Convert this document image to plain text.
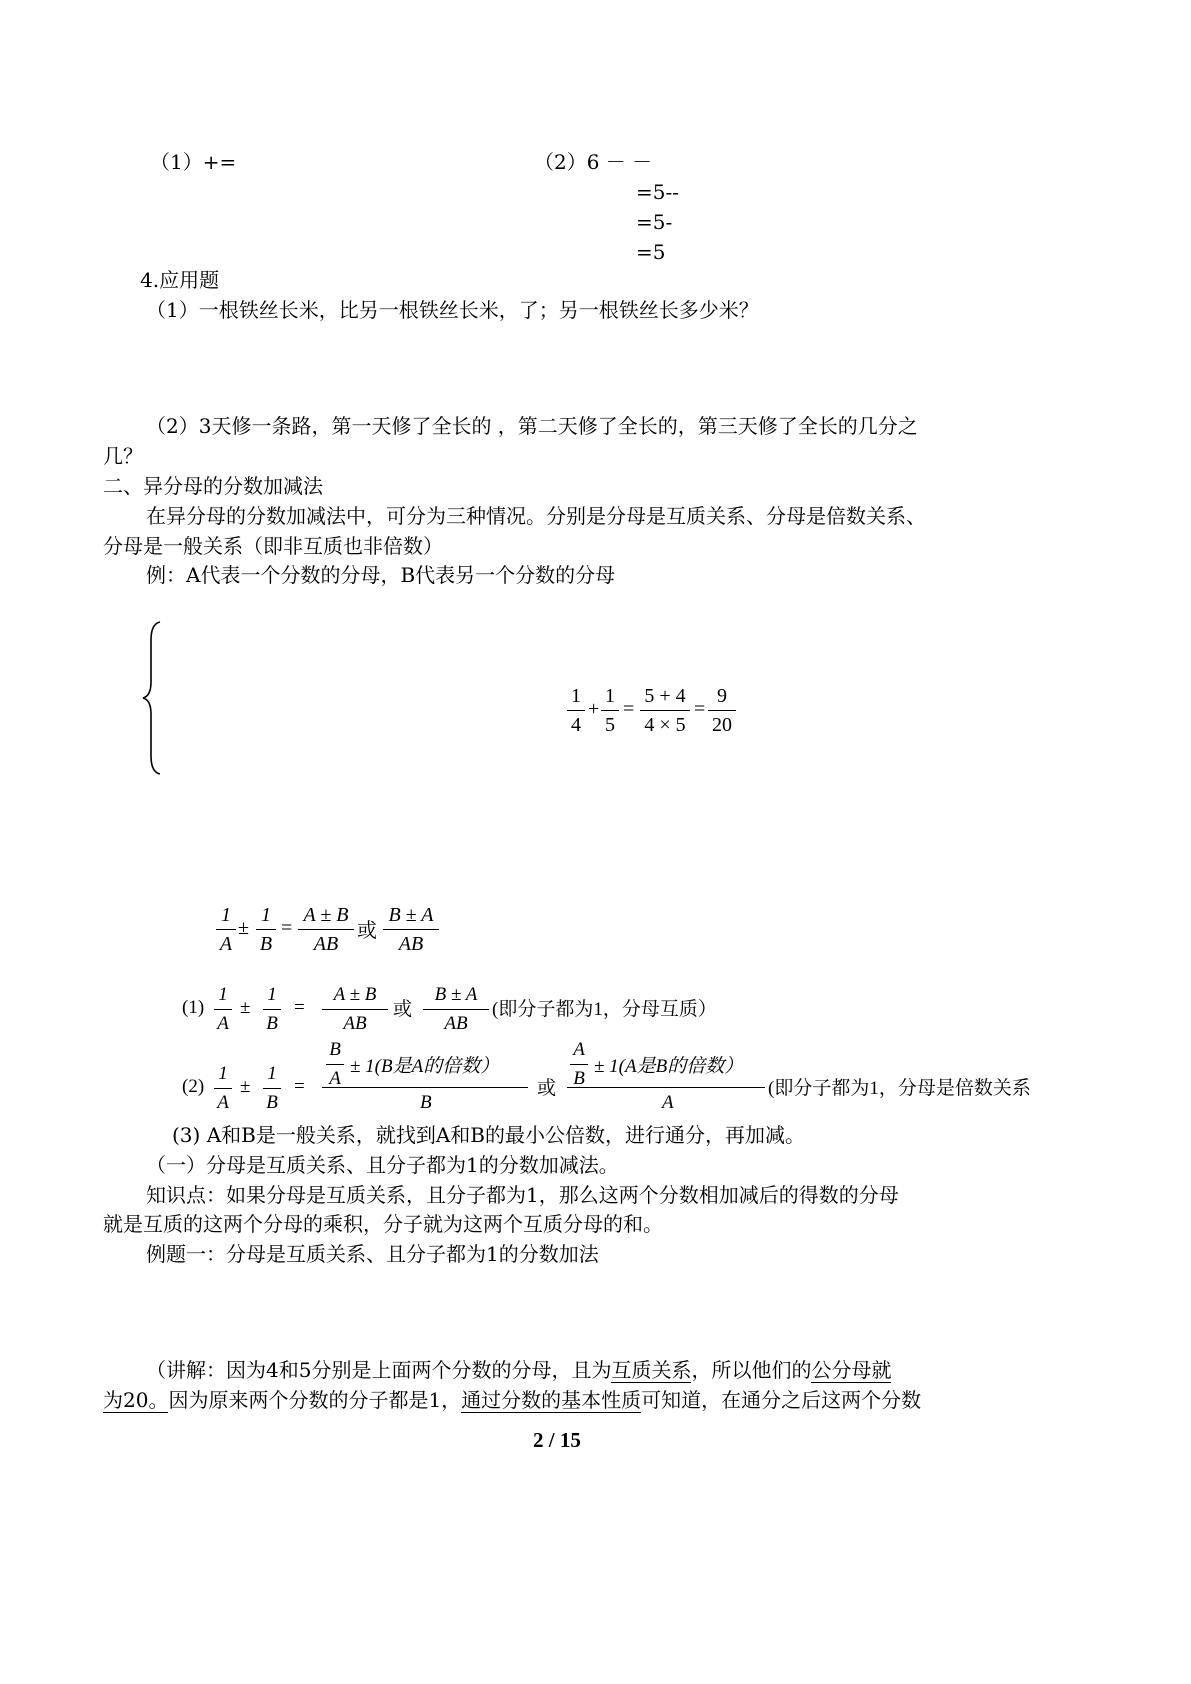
（1）+=	（2）6 － －
=5--
=5-
=5
4.应用题
（1）一根铁丝长米，比另一根铁丝长米，了；另一根铁丝长多少米？
（2）3天修一条路，第一天修了全长的 ，第二天修了全长的，第三天修了全长的几分之
几？
二、异分母的分数加减法
在异分母的分数加减法中，可分为三种情况。分别是分母是互质关系、分母是倍数关系、
分母是一般关系（即非互质也非倍数）
例：A代表一个分数的分母，B代表另一个分数的分母
1
4
+
1
5
=
5 + 4
4 × 5
=
9
20
1
A
±
1
B
=
A ± B
AB
或
B ± A
AB
(1)
1
A
±
1
B
=
A ± B
AB
或
B ± A
AB
(即分子都为1，分母互质）
(2)
1
A
±
1
B
=
B
A
± 1(B是A的倍数）
B
或
A
B
± 1(A是B的倍数）
A
(即分子都为1，分母是倍数关系
(3) A和B是一般关系，就找到A和B的最小公倍数，进行通分，再加减。
（一）分母是互质关系、且分子都为1的分数加减法。
知识点：如果分母是互质关系，且分子都为1，那么这两个分数相加减后的得数的分母
就是互质的这两个分母的乘积，分子就为这两个互质分母的和。
例题一：分母是互质关系、且分子都为1的分数加法
（讲解：因为4和5分别是上面两个分数的分母，且为互质关系，所以他们的公分母就
为20。因为原来两个分数的分子都是1，通过分数的基本性质可知道，在通分之后这两个分数
2 / 15
